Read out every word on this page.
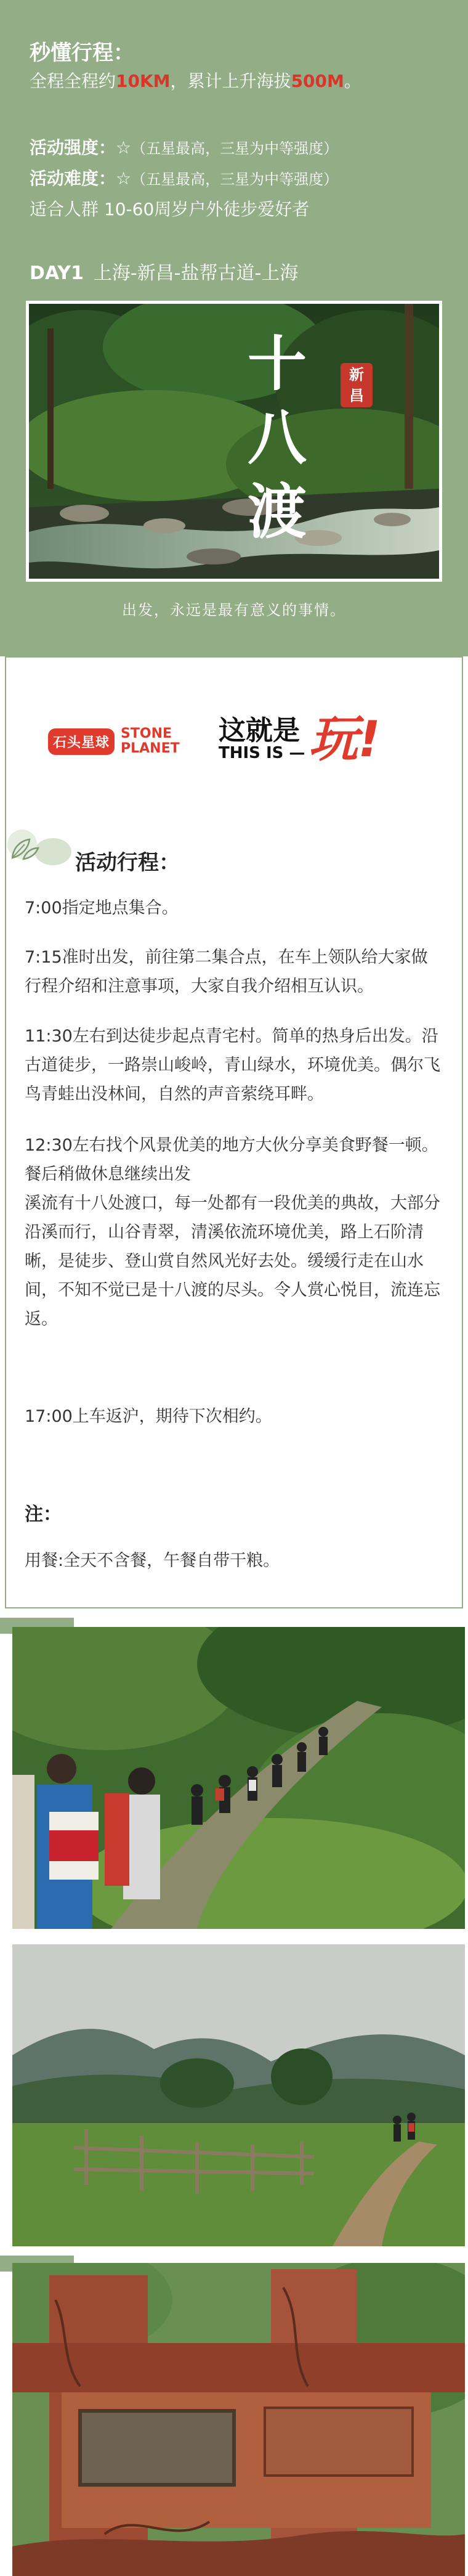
秒懂行程：
全程全程约10KM，累计上升海拔500M。
活动强度：☆（五星最高，三星为中等强度）
活动难度：☆（五星最高，三星为中等强度）
适合人群 10-60周岁户外徒步爱好者
DAY1 上海-新昌-盐帮古道-上海
十
八
渡
新昌
出发，永远是最有意义的事情。
石头星球
STONE
PLANET
这就是
THIS IS — 玩!
活动行程：
7:00指定地点集合。
7:15准时出发，前往第二集合点，在车上领队给大家做行程介绍和注意事项，大家自我介绍相互认识。
11:30左右到达徒步起点青宅村。简单的热身后出发。沿古道徒步，一路崇山峻岭，青山绿水，环境优美。偶尔飞鸟青蛙出没林间，自然的声音萦绕耳畔。
12:30左右找个风景优美的地方大伙分享美食野餐一顿。餐后稍做休息继续出发
溪流有十八处渡口，每一处都有一段优美的典故，大部分沿溪而行，山谷青翠，清溪依流环境优美，路上石阶清晰，是徒步、登山赏自然风光好去处。缓缓行走在山水间，不知不觉已是十八渡的尽头。令人赏心悦目，流连忘返。
17:00上车返沪，期待下次相约。
注：
用餐:全天不含餐，午餐自带干粮。
